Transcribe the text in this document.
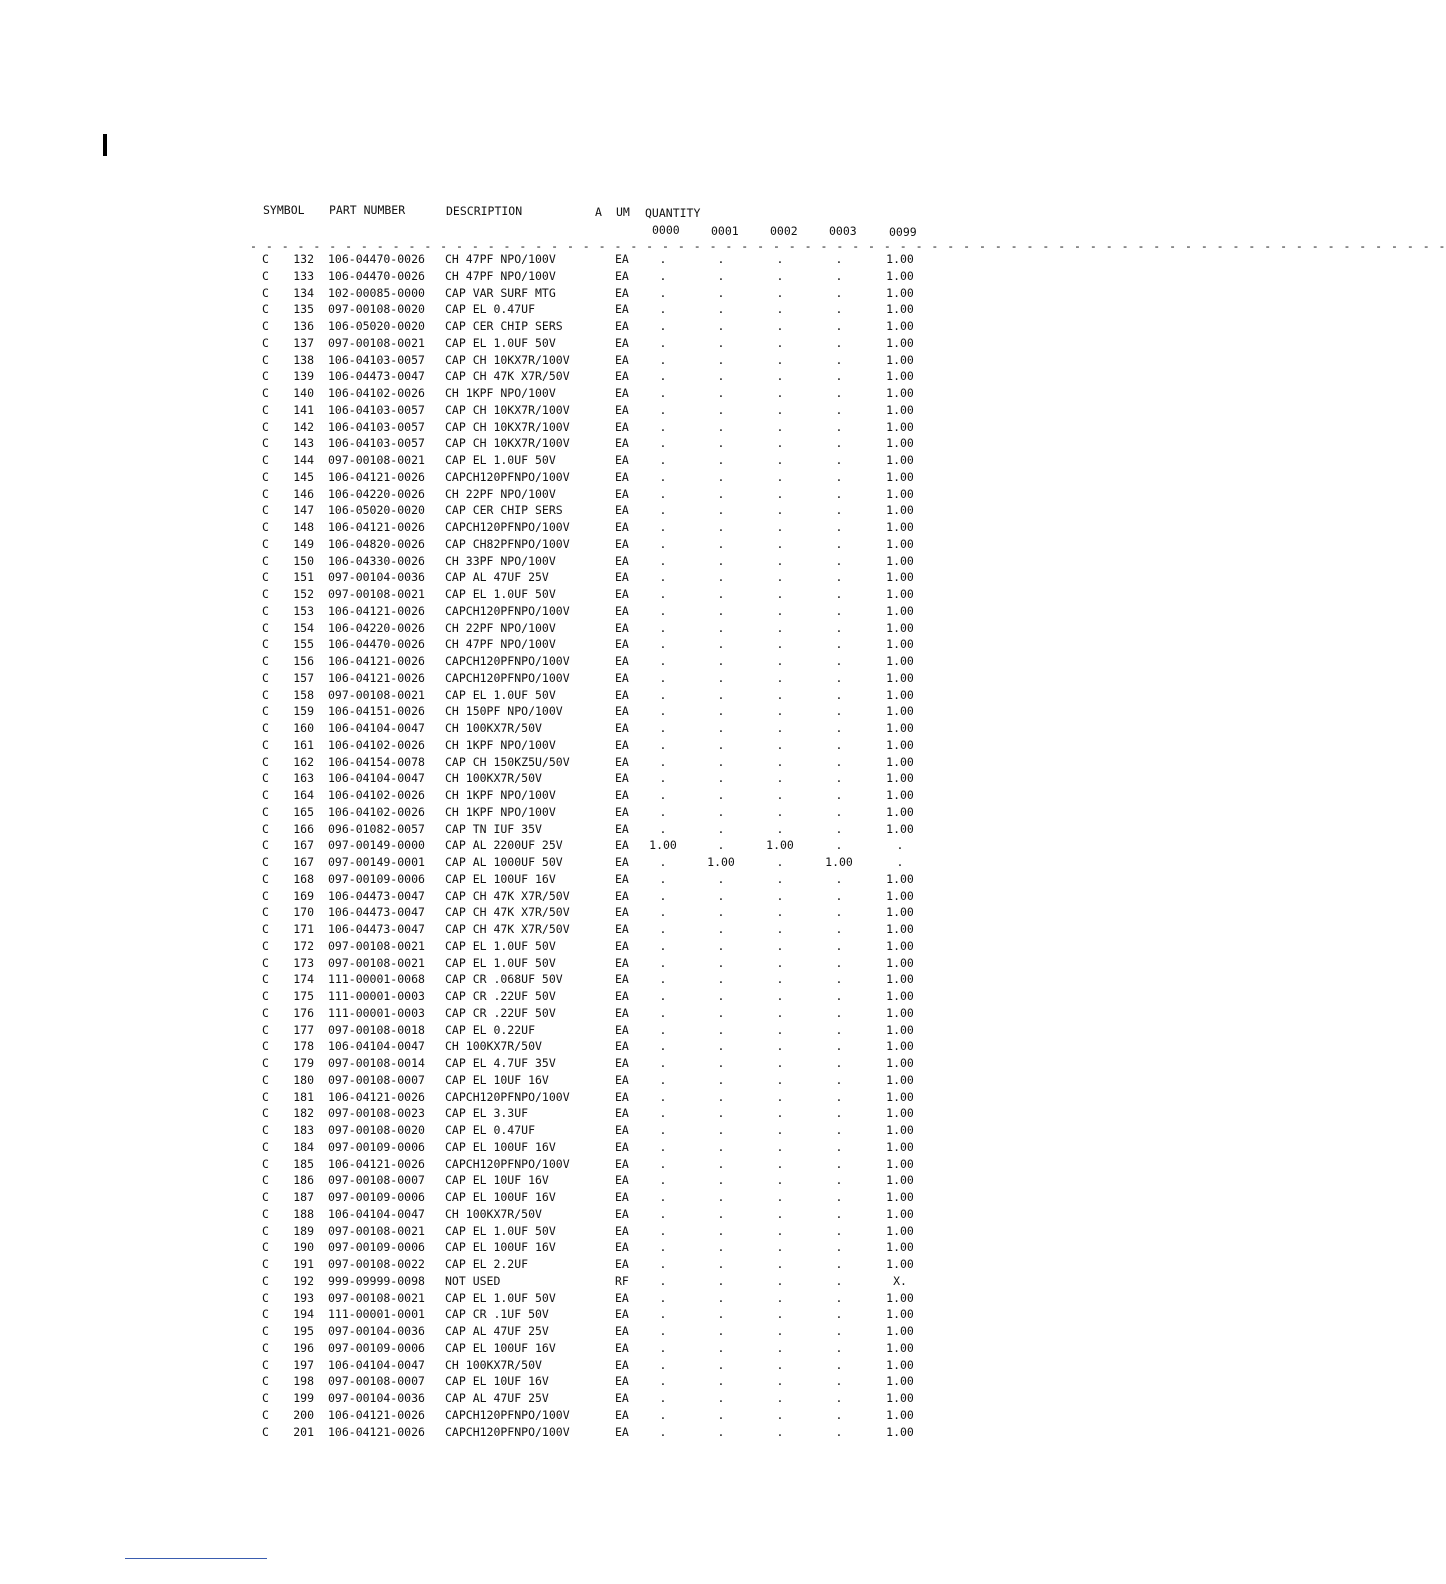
SYMBOL PART NUMBER	DESCRIPTION	A UM QUANTITY
0000	0001	0002	0003	0099
- - - - - - - - - - - - - - - - - - - - - - - - - - - - - - - - - - - - - - - - - - - - - - - - - - - - - - - - - - - - - - - - - - - - - - - - - - - -
C	132 106-04470-0026 CH 47PF NPO/100V	EA	.	.	.	.	1.00
C	133 106-04470-0026 CH 47PF NPO/100V	EA	.	.	.	.	1.00
C	134 102-00085-0000 CAP VAR SURF MTG	EA	.	.	.	.	1.00
C	135 097-00108-0020 CAP EL 0.47UF	EA	.	.	.	.	1.00
C	136 106-05020-0020 CAP CER CHIP SERS	EA	.	.	.	.	1.00
C	137 097-00108-0021 CAP EL 1.0UF 50V	EA	.	.	.	.	1.00
C	138 106-04103-0057 CAP CH 10KX7R/100V	EA	.	.	.	.	1.00
C	139 106-04473-0047 CAP CH 47K X7R/50V	EA	.	.	.	.	1.00
C	140 106-04102-0026 CH 1KPF NPO/100V	EA	.	.	.	.	1.00
C	141 106-04103-0057 CAP CH 10KX7R/100V	EA	.	.	.	.	1.00
C	142 106-04103-0057 CAP CH 10KX7R/100V	EA	.	.	.	.	1.00
C	143 106-04103-0057 CAP CH 10KX7R/100V	EA	.	.	.	.	1.00
C	144 097-00108-0021 CAP EL 1.0UF 50V	EA	.	.	.	.	1.00
C	145 106-04121-0026 CAPCH120PFNPO/100V	EA	.	.	.	.	1.00
C	146 106-04220-0026 CH 22PF NPO/100V	EA	.	.	.	.	1.00
C	147 106-05020-0020 CAP CER CHIP SERS	EA	.	.	.	.	1.00
C	148 106-04121-0026 CAPCH120PFNPO/100V	EA	.	.	.	.	1.00
C	149 106-04820-0026 CAP CH82PFNPO/100V	EA	.	.	.	.	1.00
C	150 106-04330-0026 CH 33PF NPO/100V	EA	.	.	.	.	1.00
C	151 097-00104-0036 CAP AL 47UF 25V	EA	.	.	.	.	1.00
C	152 097-00108-0021 CAP EL 1.0UF 50V	EA	.	.	.	.	1.00
C	153 106-04121-0026 CAPCH120PFNPO/100V	EA	.	.	.	.	1.00
C	154 106-04220-0026 CH 22PF NPO/100V	EA	.	.	.	.	1.00
C	155 106-04470-0026 CH 47PF NPO/100V	EA	.	.	.	.	1.00
C	156 106-04121-0026 CAPCH120PFNPO/100V	EA	.	.	.	.	1.00
C	157 106-04121-0026 CAPCH120PFNPO/100V	EA	.	.	.	.	1.00
C	158 097-00108-0021 CAP EL 1.0UF 50V	EA	.	.	.	.	1.00
C	159 106-04151-0026 CH 150PF NPO/100V	EA	.	.	.	.	1.00
C	160 106-04104-0047 CH 100KX7R/50V	EA	.	.	.	.	1.00
C	161 106-04102-0026 CH 1KPF NPO/100V	EA	.	.	.	.	1.00
C	162 106-04154-0078 CAP CH 150KZ5U/50V	EA	.	.	.	.	1.00
C	163 106-04104-0047 CH 100KX7R/50V	EA	.	.	.	.	1.00
C	164 106-04102-0026 CH 1KPF NPO/100V	EA	.	.	.	.	1.00
C	165 106-04102-0026 CH 1KPF NPO/100V	EA	.	.	.	.	1.00
C	166 096-01082-0057 CAP TN IUF 35V	EA	.	.	.	.	1.00
C	167 097-00149-0000 CAP AL 2200UF 25V	EA	1.00	.	1.00	.	.
C	167 097-00149-0001 CAP AL 1000UF 50V	EA	.	1.00	.	1.00	.
C	168 097-00109-0006 CAP EL 100UF 16V	EA	.	.	.	.	1.00
C	169 106-04473-0047 CAP CH 47K X7R/50V	EA	.	.	.	.	1.00
C	170 106-04473-0047 CAP CH 47K X7R/50V	EA	.	.	.	.	1.00
C	171 106-04473-0047 CAP CH 47K X7R/50V	EA	.	.	.	.	1.00
C	172 097-00108-0021 CAP EL 1.0UF 50V	EA	.	.	.	.	1.00
C	173 097-00108-0021 CAP EL 1.0UF 50V	EA	.	.	.	.	1.00
C	174 111-00001-0068 CAP CR .068UF 50V	EA	.	.	.	.	1.00
C	175 111-00001-0003 CAP CR .22UF 50V	EA	.	.	.	.	1.00
C	176 111-00001-0003 CAP CR .22UF 50V	EA	.	.	.	.	1.00
C	177 097-00108-0018 CAP EL 0.22UF	EA	.	.	.	.	1.00
C	178 106-04104-0047 CH 100KX7R/50V	EA	.	.	.	.	1.00
C	179 097-00108-0014 CAP EL 4.7UF 35V	EA	.	.	.	.	1.00
C	180 097-00108-0007 CAP EL 10UF 16V	EA	.	.	.	.	1.00
C	181 106-04121-0026 CAPCH120PFNPO/100V	EA	.	.	.	.	1.00
C	182 097-00108-0023 CAP EL 3.3UF	EA	.	.	.	.	1.00
C	183 097-00108-0020 CAP EL 0.47UF	EA	.	.	.	.	1.00
C	184 097-00109-0006 CAP EL 100UF 16V	EA	.	.	.	.	1.00
C	185 106-04121-0026 CAPCH120PFNPO/100V	EA	.	.	.	.	1.00
C	186 097-00108-0007 CAP EL 10UF 16V	EA	.	.	.	.	1.00
C	187 097-00109-0006 CAP EL 100UF 16V	EA	.	.	.	.	1.00
C	188 106-04104-0047 CH 100KX7R/50V	EA	.	.	.	.	1.00
C	189 097-00108-0021 CAP EL 1.0UF 50V	EA	.	.	.	.	1.00
C	190 097-00109-0006 CAP EL 100UF 16V	EA	.	.	.	.	1.00
C	191 097-00108-0022 CAP EL 2.2UF	EA	.	.	.	.	1.00
C	192 999-09999-0098 NOT USED	RF	.	.	.	.	X.
C	193 097-00108-0021 CAP EL 1.0UF 50V	EA	.	.	.	.	1.00
C	194 111-00001-0001 CAP CR .1UF 50V	EA	.	.	.	.	1.00
C	195 097-00104-0036 CAP AL 47UF 25V	EA	.	.	.	.	1.00
C	196 097-00109-0006 CAP EL 100UF 16V	EA	.	.	.	.	1.00
C	197 106-04104-0047 CH 100KX7R/50V	EA	.	.	.	.	1.00
C	198 097-00108-0007 CAP EL 10UF 16V	EA	.	.	.	.	1.00
C	199 097-00104-0036 CAP AL 47UF 25V	EA	.	.	.	.	1.00
C	200 106-04121-0026 CAPCH120PFNPO/100V	EA	.	.	.	.	1.00
C	201 106-04121-0026 CAPCH120PFNPO/100V	EA	.	.	.	.	1.00
